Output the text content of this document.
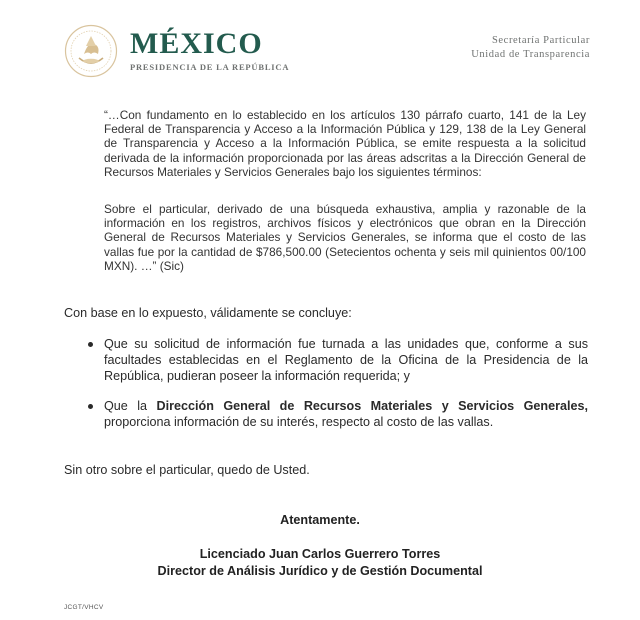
MÉXICO
PRESIDENCIA DE LA REPÚBLICA
Secretaría Particular
Unidad de Transparencia

“…Con fundamento en lo establecido en los artículos 130 párrafo cuarto, 141 de la Ley Federal de Transparencia y Acceso a la Información Pública y 129, 138 de la Ley General de Transparencia y Acceso a la Información Pública, se emite respuesta a la solicitud derivada de la información proporcionada por las áreas adscritas a la Dirección General de Recursos Materiales y Servicios Generales bajo los siguientes términos:

Sobre el particular, derivado de una búsqueda exhaustiva, amplia y razonable de la información en los registros, archivos físicos y electrónicos que obran en la Dirección General de Recursos Materiales y Servicios Generales, se informa que el costo de las vallas fue por la cantidad de $786,500.00 (Setecientos ochenta y seis mil quinientos 00/100 MXN). …” (Sic)

Con base en lo expuesto, válidamente se concluye:
Que su solicitud de información fue turnada a las unidades que, conforme a sus facultades establecidas en el Reglamento de la Oficina de la Presidencia de la República, pudieran poseer la información requerida; y
Que la Dirección General de Recursos Materiales y Servicios Generales, proporciona información de su interés, respecto al costo de las vallas.
Sin otro sobre el particular, quedo de Usted.
Atentamente.
Licenciado Juan Carlos Guerrero Torres
Director de Análisis Jurídico y de Gestión Documental
JCGT/VHCV
